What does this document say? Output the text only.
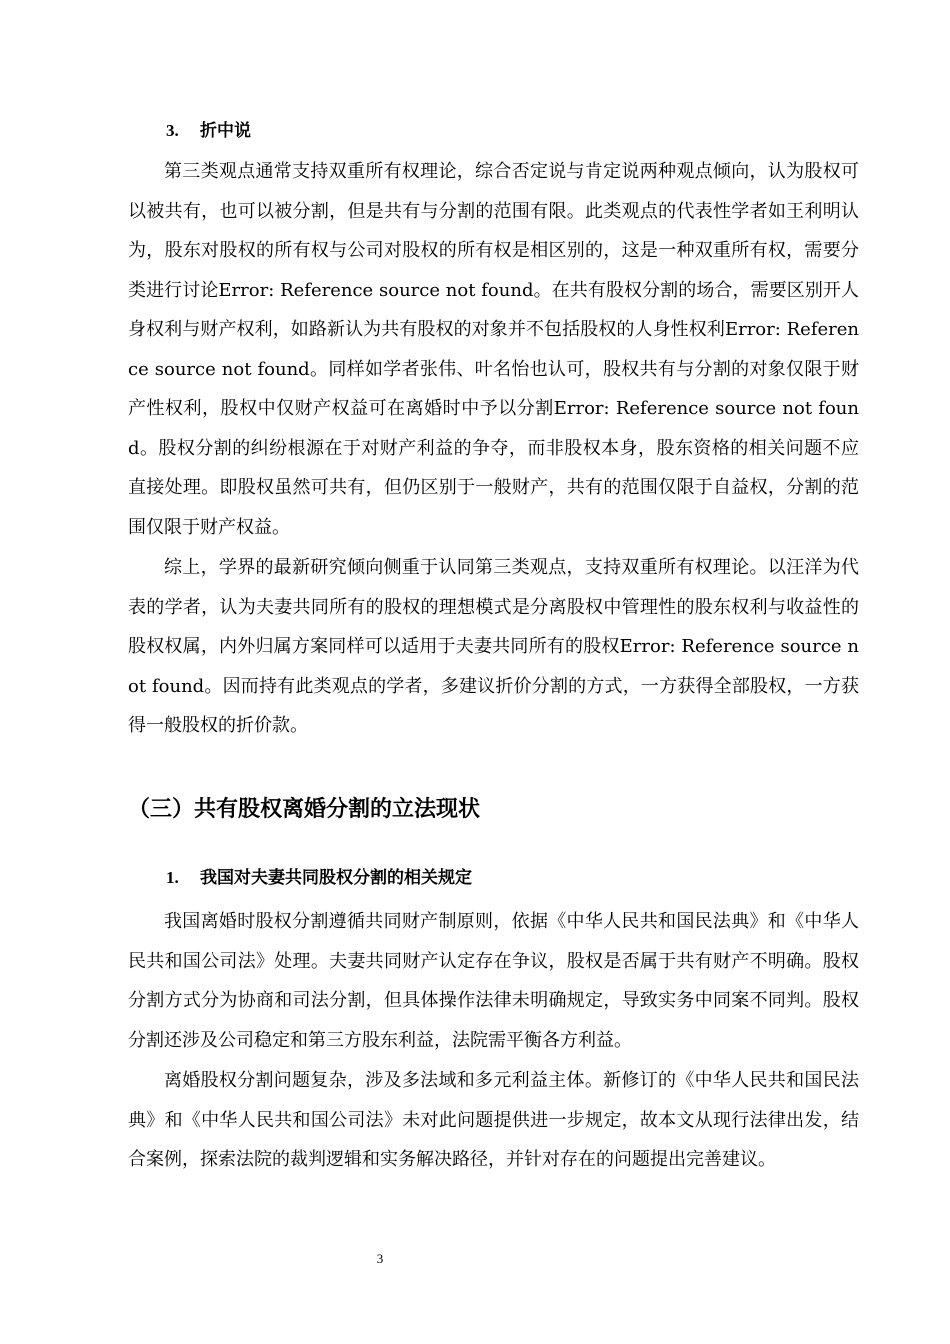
3. 折中说

第三类观点通常支持双重所有权理论，综合否定说与肯定说两种观点倾向，认为股权可以被共有，也可以被分割，但是共有与分割的范围有限。此类观点的代表性学者如王利明认为，股东对股权的所有权与公司对股权的所有权是相区别的，这是一种双重所有权，需要分类进行讨论Error: Reference source not found。在共有股权分割的场合，需要区别开人身权利与财产权利，如路新认为共有股权的对象并不包括股权的人身性权利Error: Reference source not found。同样如学者张伟、叶名怡也认可，股权共有与分割的对象仅限于财产性权利，股权中仅财产权益可在离婚时中予以分割Error: Reference source not found。股权分割的纠纷根源在于对财产利益的争夺，而非股权本身，股东资格的相关问题不应直接处理。即股权虽然可共有，但仍区别于一般财产，共有的范围仅限于自益权，分割的范围仅限于财产权益。

综上，学界的最新研究倾向侧重于认同第三类观点，支持双重所有权理论。以汪洋为代表的学者，认为夫妻共同所有的股权的理想模式是分离股权中管理性的股东权利与收益性的股权权属，内外归属方案同样可以适用于夫妻共同所有的股权Error: Reference source not found。因而持有此类观点的学者，多建议折价分割的方式，一方获得全部股权，一方获得一般股权的折价款。

（三）共有股权离婚分割的立法现状
1. 我国对夫妻共同股权分割的相关规定

我国离婚时股权分割遵循共同财产制原则，依据《中华人民共和国民法典》和《中华人民共和国公司法》处理。夫妻共同财产认定存在争议，股权是否属于共有财产不明确。股权分割方式分为协商和司法分割，但具体操作法律未明确规定，导致实务中同案不同判。股权分割还涉及公司稳定和第三方股东利益，法院需平衡各方利益。

离婚股权分割问题复杂，涉及多法域和多元利益主体。新修订的《中华人民共和国民法典》和《中华人民共和国公司法》未对此问题提供进一步规定，故本文从现行法律出发，结合案例，探索法院的裁判逻辑和实务解决路径，并针对存在的问题提出完善建议。

3
